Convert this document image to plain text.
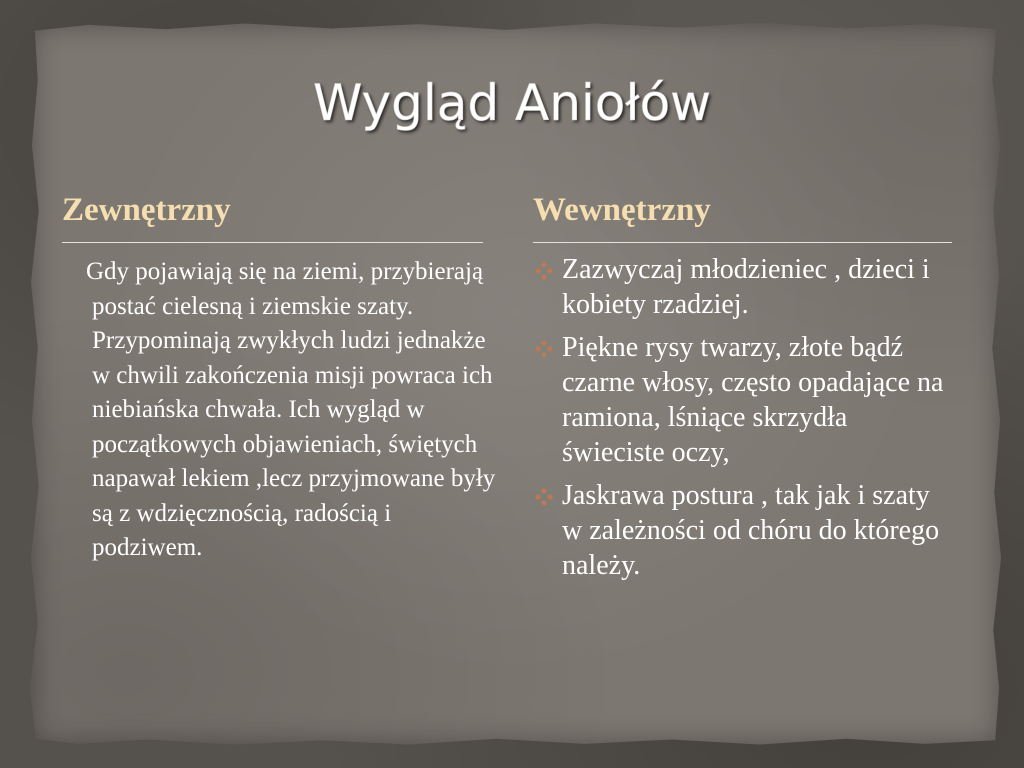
Wygląd Aniołów
Zewnętrzny	Wewnętrzny

Gdy pojawiają się na ziemi, przybierają postać cielesną i ziemskie szaty. Przypominają zwykłych ludzi jednakże w chwili zakończenia misji powraca ich niebiańska chwała. Ich wygląd w początkowych objawieniach, świętych napawał lekiem ,lecz przyjmowane były są z wdzięcznością, radością i podziwem.

Zazwyczaj młodzieniec , dzieci i kobiety rzadziej.
Piękne rysy twarzy, złote bądź czarne włosy, często opadające na ramiona, lśniące skrzydła świeciste oczy,
Jaskrawa postura , tak jak i szaty w zależności od chóru do którego należy.
